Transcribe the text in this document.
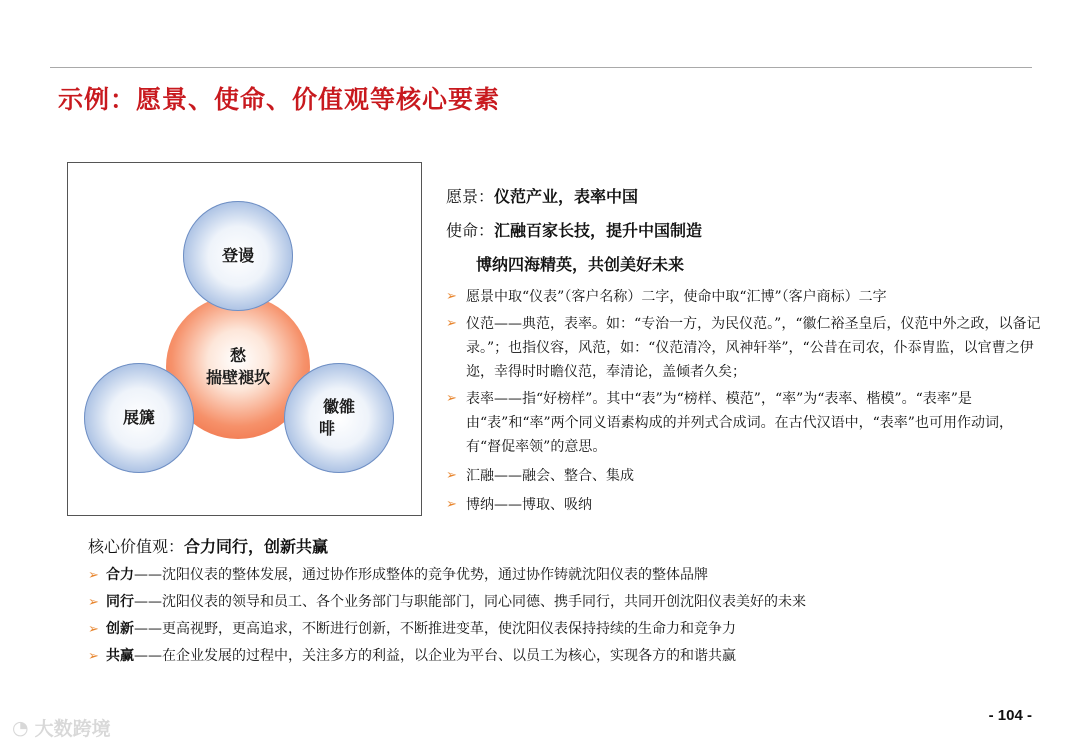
示例：愿景、使命、价值观等核心要素
愁
揣壁褪坎
登谩
展篪
徽雒
啡
愿景：仪范产业，表率中国
使命：汇融百家长技，提升中国制造
博纳四海精英，共创美好未来
➢ 愿景中取“仪表”（客户名称）二字，使命中取“汇博”（客户商标）二字
➢ 仪范——典范，表率。如：“专治一方，为民仪范。”，“徽仁裕圣皇后，仪范中外之政，以备记录。”；也指仪容，风范，如：“仪范清冷，风神轩举”，“公昔在司农，仆忝胄监，以官曹之伊迩，幸得时时瞻仪范，奉清论，盖倾者久矣；
➢ 表率——指“好榜样”。其中“表”为“榜样、模范”，“率”为“表率、楷模”。“表率”是由“表”和“率”两个同义语素构成的并列式合成词。在古代汉语中，“表率”也可用作动词，有“督促率领”的意思。
➢ 汇融——融会、整合、集成
➢ 博纳——博取、吸纳
核心价值观：合力同行，创新共赢
➢ 合力——沈阳仪表的整体发展，通过协作形成整体的竞争优势，通过协作铸就沈阳仪表的整体品牌
➢ 同行——沈阳仪表的领导和员工、各个业务部门与职能部门，同心同德、携手同行，共同开创沈阳仪表美好的未来
➢ 创新——更高视野，更高追求，不断进行创新，不断推进变革，使沈阳仪表保持持续的生命力和竞争力
➢ 共赢——在企业发展的过程中，关注多方的利益，以企业为平台、以员工为核心，实现各方的和谐共赢
◔ 大数跨境
- 104 -
